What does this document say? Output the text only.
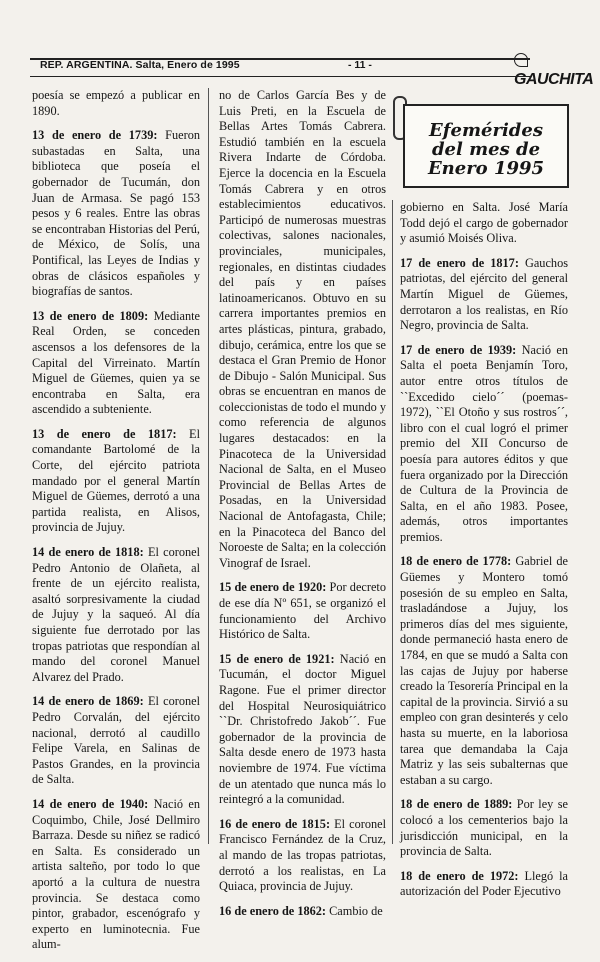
REP. ARGENTINA. Salta, Enero de 1995	- 11 -
GAUCHITA
Efemérides
del mes de
Enero 1995

poesía se empezó a publicar en 1890.

13 de enero de 1739: Fueron subastadas en Salta, una biblioteca que poseía el gobernador de Tucumán, don Juan de Armasa. Se pagó 153 pesos y 6 reales. Entre las obras se encontraban Historias del Perú, de México, de Solís, una Pontifical, las Leyes de Indias y obras de clásicos españoles y biografías de santos.

13 de enero de 1809: Mediante Real Orden, se conceden ascensos a los defensores de la Capital del Virreinato. Martín Miguel de Güemes, quien ya se encontraba en Salta, era ascendido a subteniente.

13 de enero de 1817: El comandante Bartolomé de la Corte, del ejército patriota mandado por el general Martín Miguel de Güemes, derrotó a una partida realista, en Alisos, provincia de Jujuy.

14 de enero de 1818: El coronel Pedro Antonio de Olañeta, al frente de un ejército realista, asaltó sorpresivamente la ciudad de Jujuy y la saqueó. Al día siguiente fue derrotado por las tropas patriotas que respondían al mando del coronel Manuel Alvarez del Prado.

14 de enero de 1869: El coronel Pedro Corvalán, del ejército nacional, derrotó al caudillo Felipe Varela, en Salinas de Pastos Grandes, en la provincia de Salta.

14 de enero de 1940: Nació en Coquimbo, Chile, José Dellmiro Barraza. Desde su niñez se radicó en Salta. Es considerado un artista salteño, por todo lo que aportó a la cultura de nuestra provincia. Se destaca como pintor, grabador, escenógrafo y experto en luminotecnia. Fue alum-

no de Carlos García Bes y de Luis Preti, en la Escuela de Bellas Artes Tomás Cabrera. Estudió también en la escuela Rivera Indarte de Córdoba. Ejerce la docencia en la Escuela Tomás Cabrera y en otros establecimientos educativos. Participó de numerosas muestras colectivas, salones nacionales, provinciales, municipales, regionales, en distintas ciudades del país y en países latinoamericanos. Obtuvo en su carrera importantes premios en artes plásticas, pintura, grabado, dibujo, cerámica, entre los que se destaca el Gran Premio de Honor de Dibujo - Salón Municipal. Sus obras se encuentran en manos de coleccionistas de todo el mundo y como referencia de algunos lugares destacados: en la Pinacoteca de la Universidad Nacional de Salta, en el Museo Provincial de Bellas Artes de Posadas, en la Universidad Nacional de Antofagasta, Chile; en la Pinacoteca del Banco del Noroeste de Salta; en la colección Vinograf de Israel.

15 de enero de 1920: Por decreto de ese día Nº 651, se organizó el funcionamiento del Archivo Histórico de Salta.

15 de enero de 1921: Nació en Tucumán, el doctor Miguel Ragone. Fue el primer director del Hospital Neurosiquiátrico ``Dr. Christofredo Jakob´´. Fue gobernador de la provincia de Salta desde enero de 1973 hasta noviembre de 1974. Fue víctima de un atentado que nunca más lo reintegró a la comunidad.

16 de enero de 1815: El coronel Francisco Fernández de la Cruz, al mando de las tropas patriotas, derrotó a los realistas, en La Quiaca, provincia de Jujuy.

16 de enero de 1862: Cambio de

gobierno en Salta. José María Todd dejó el cargo de gobernador y asumió Moisés Oliva.

17 de enero de 1817: Gauchos patriotas, del ejército del general Martín Miguel de Güemes, derrotaron a los realistas, en Río Negro, provincia de Salta.

17 de enero de 1939: Nació en Salta el poeta Benjamín Toro, autor entre otros títulos de ``Excedido cielo´´ (poemas-1972), ``El Otoño y sus rostros´´, libro con el cual logró el primer premio del XII Concurso de poesía para autores éditos y que fuera organizado por la Dirección de Cultura de la Provincia de Salta, en el año 1983. Posee, además, otros importantes premios.

18 de enero de 1778: Gabriel de Güemes y Montero tomó posesión de su empleo en Salta, trasladándose a Jujuy, los primeros días del mes siguiente, donde permaneció hasta enero de 1784, en que se mudó a Salta con las cajas de Jujuy por haberse creado la Tesorería Principal en la capital de la provincia. Sirvió a su empleo con gran desinterés y celo hasta su muerte, en la laboriosa tarea que demandaba la Caja Matriz y las seis subalternas que estaban a su cargo.

18 de enero de 1889: Por ley se colocó a los cementerios bajo la jurisdicción municipal, en la provincia de Salta.

18 de enero de 1972: Llegó la autorización del Poder Ejecutivo
